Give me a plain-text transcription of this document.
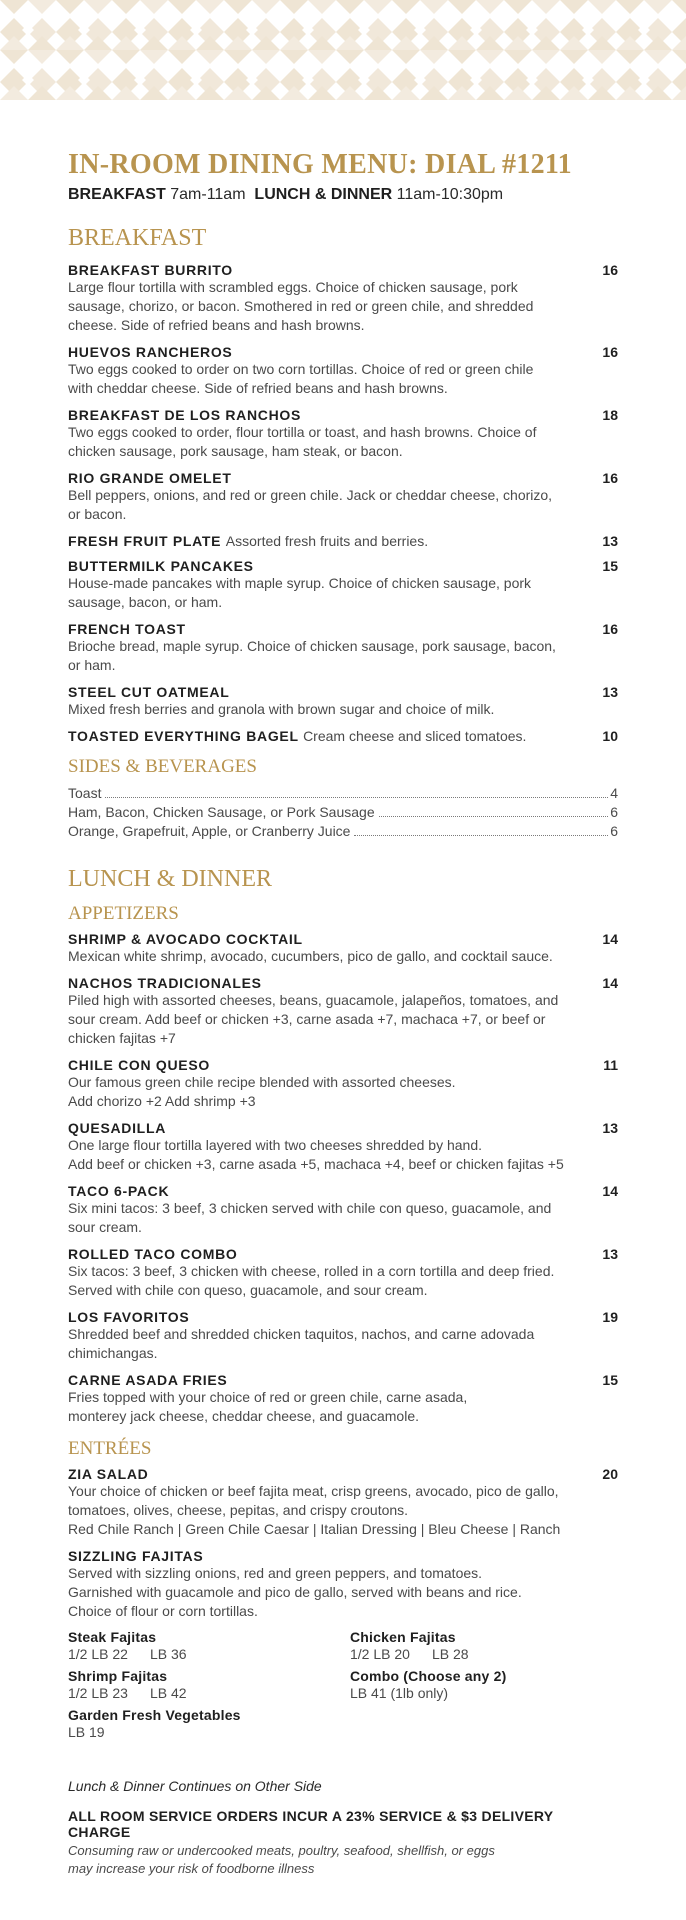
IN-ROOM DINING MENU: DIAL #1211
BREAKFAST 7am-11am LUNCH & DINNER 11am-10:30pm
BREAKFAST
BREAKFAST BURRITO	16
Large flour tortilla with scrambled eggs. Choice of chicken sausage, pork sausage, chorizo, or bacon. Smothered in red or green chile, and shredded cheese. Side of refried beans and hash browns.
HUEVOS RANCHEROS	16
Two eggs cooked to order on two corn tortillas. Choice of red or green chile with cheddar cheese. Side of refried beans and hash browns.
BREAKFAST DE LOS RANCHOS	18
Two eggs cooked to order, flour tortilla or toast, and hash browns. Choice of chicken sausage, pork sausage, ham steak, or bacon.
RIO GRANDE OMELET	16
Bell peppers, onions, and red or green chile. Jack or cheddar cheese, chorizo, or bacon.
FRESH FRUIT PLATE Assorted fresh fruits and berries.	13
BUTTERMILK PANCAKES	15
House-made pancakes with maple syrup. Choice of chicken sausage, pork sausage, bacon, or ham.
FRENCH TOAST	16
Brioche bread, maple syrup. Choice of chicken sausage, pork sausage, bacon, or ham.
STEEL CUT OATMEAL	13
Mixed fresh berries and granola with brown sugar and choice of milk.
TOASTED EVERYTHING BAGEL Cream cheese and sliced tomatoes.	10
SIDES & BEVERAGES
Toast	4
Ham, Bacon, Chicken Sausage, or Pork Sausage	6
Orange, Grapefruit, Apple, or Cranberry Juice	6
LUNCH & DINNER
APPETIZERS
SHRIMP & AVOCADO COCKTAIL	14
Mexican white shrimp, avocado, cucumbers, pico de gallo, and cocktail sauce.
NACHOS TRADICIONALES	14
Piled high with assorted cheeses, beans, guacamole, jalapeños, tomatoes, and sour cream. Add beef or chicken +3, carne asada +7, machaca +7, or beef or chicken fajitas +7
CHILE CON QUESO	11
Our famous green chile recipe blended with assorted cheeses.
Add chorizo +2 Add shrimp +3
QUESADILLA	13
One large flour tortilla layered with two cheeses shredded by hand.
Add beef or chicken +3, carne asada +5, machaca +4, beef or chicken fajitas +5
TACO 6-PACK	14
Six mini tacos: 3 beef, 3 chicken served with chile con queso, guacamole, and sour cream.
ROLLED TACO COMBO	13
Six tacos: 3 beef, 3 chicken with cheese, rolled in a corn tortilla and deep fried.
Served with chile con queso, guacamole, and sour cream.
LOS FAVORITOS	19
Shredded beef and shredded chicken taquitos, nachos, and carne adovada chimichangas.
CARNE ASADA FRIES	15
Fries topped with your choice of red or green chile, carne asada, monterey jack cheese, cheddar cheese, and guacamole.
ENTRÉES
ZIA SALAD	20
Your choice of chicken or beef fajita meat, crisp greens, avocado, pico de gallo, tomatoes, olives, cheese, pepitas, and crispy croutons.
Red Chile Ranch | Green Chile Caesar | Italian Dressing | Bleu Cheese | Ranch
SIZZLING FAJITAS
Served with sizzling onions, red and green peppers, and tomatoes.
Garnished with guacamole and pico de gallo, served with beans and rice.
Choice of flour or corn tortillas.
Steak Fajitas
1/2 LB 22 LB 36
Chicken Fajitas
1/2 LB 20 LB 28
Shrimp Fajitas
1/2 LB 23 LB 42
Combo (Choose any 2)
LB 41 (1lb only)
Garden Fresh Vegetables
LB 19
Lunch & Dinner Continues on Other Side
ALL ROOM SERVICE ORDERS INCUR A 23% SERVICE & $3 DELIVERY CHARGE
Consuming raw or undercooked meats, poultry, seafood, shellfish, or eggs
may increase your risk of foodborne illness
